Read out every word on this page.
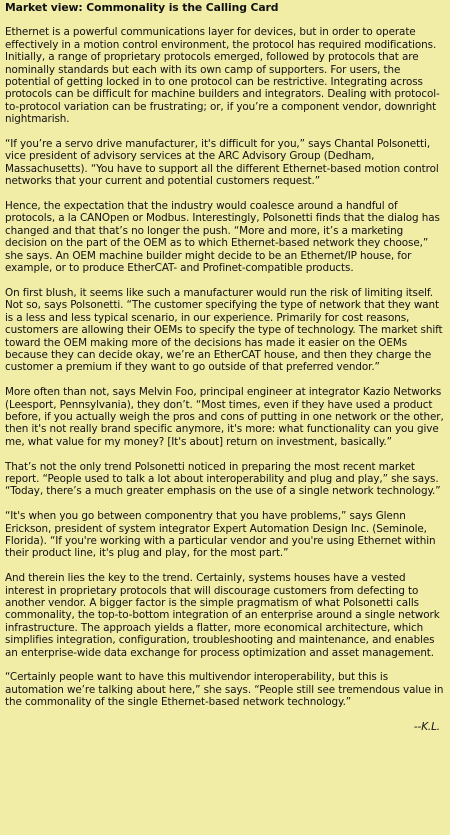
Market view: Commonality is the Calling Card

Ethernet is a powerful communications layer for devices, but in order to operate effectively in a motion control environment, the protocol has required modifications. Initially, a range of proprietary protocols emerged, followed by protocols that are nominally standards but each with its own camp of supporters. For users, the potential of getting locked in to one protocol can be restrictive. Integrating across protocols can be difficult for machine builders and integrators. Dealing with protocol-to-protocol variation can be frustrating; or, if you’re a component vendor, downright nightmarish.

“If you’re a servo drive manufacturer, it's difficult for you,” says Chantal Polsonetti, vice president of advisory services at the ARC Advisory Group (Dedham, Massachusetts). “You have to support all the different Ethernet-based motion control networks that your current and potential customers request.”

Hence, the expectation that the industry would coalesce around a handful of protocols, a la CANOpen or Modbus. Interestingly, Polsonetti finds that the dialog has changed and that that’s no longer the push. “More and more, it’s a marketing decision on the part of the OEM as to which Ethernet-based network they choose,” she says. An OEM machine builder might decide to be an Ethernet/IP house, for example, or to produce EtherCAT- and Profinet-compatible products.

On first blush, it seems like such a manufacturer would run the risk of limiting itself. Not so, says Polsonetti. “The customer specifying the type of network that they want is a less and less typical scenario, in our experience. Primarily for cost reasons, customers are allowing their OEMs to specify the type of technology. The market shift toward the OEM making more of the decisions has made it easier on the OEMs because they can decide okay, we’re an EtherCAT house, and then they charge the customer a premium if they want to go outside of that preferred vendor.”

More often than not, says Melvin Foo, principal engineer at integrator Kazio Networks (Leesport, Pennsylvania), they don’t. “Most times, even if they have used a product before, if you actually weigh the pros and cons of putting in one network or the other, then it's not really brand specific anymore, it's more: what functionality can you give me, what value for my money? [It's about] return on investment, basically.”

That’s not the only trend Polsonetti noticed in preparing the most recent market report. “People used to talk a lot about interoperability and plug and play,” she says. “Today, there’s a much greater emphasis on the use of a single network technology.”

“It's when you go between componentry that you have problems,” says Glenn Erickson, president of system integrator Expert Automation Design Inc. (Seminole, Florida). “If you're working with a particular vendor and you're using Ethernet within their product line, it's plug and play, for the most part.”

And therein lies the key to the trend. Certainly, systems houses have a vested interest in proprietary protocols that will discourage customers from defecting to another vendor. A bigger factor is the simple pragmatism of what Polsonetti calls commonality, the top-to-bottom integration of an enterprise around a single network infrastructure. The approach yields a flatter, more economical architecture, which simplifies integration, configuration, troubleshooting and maintenance, and enables an enterprise-wide data exchange for process optimization and asset management.

“Certainly people want to have this multivendor interoperability, but this is automation we’re talking about here,” she says. “People still see tremendous value in the commonality of the single Ethernet-based network technology.”

--K.L.
